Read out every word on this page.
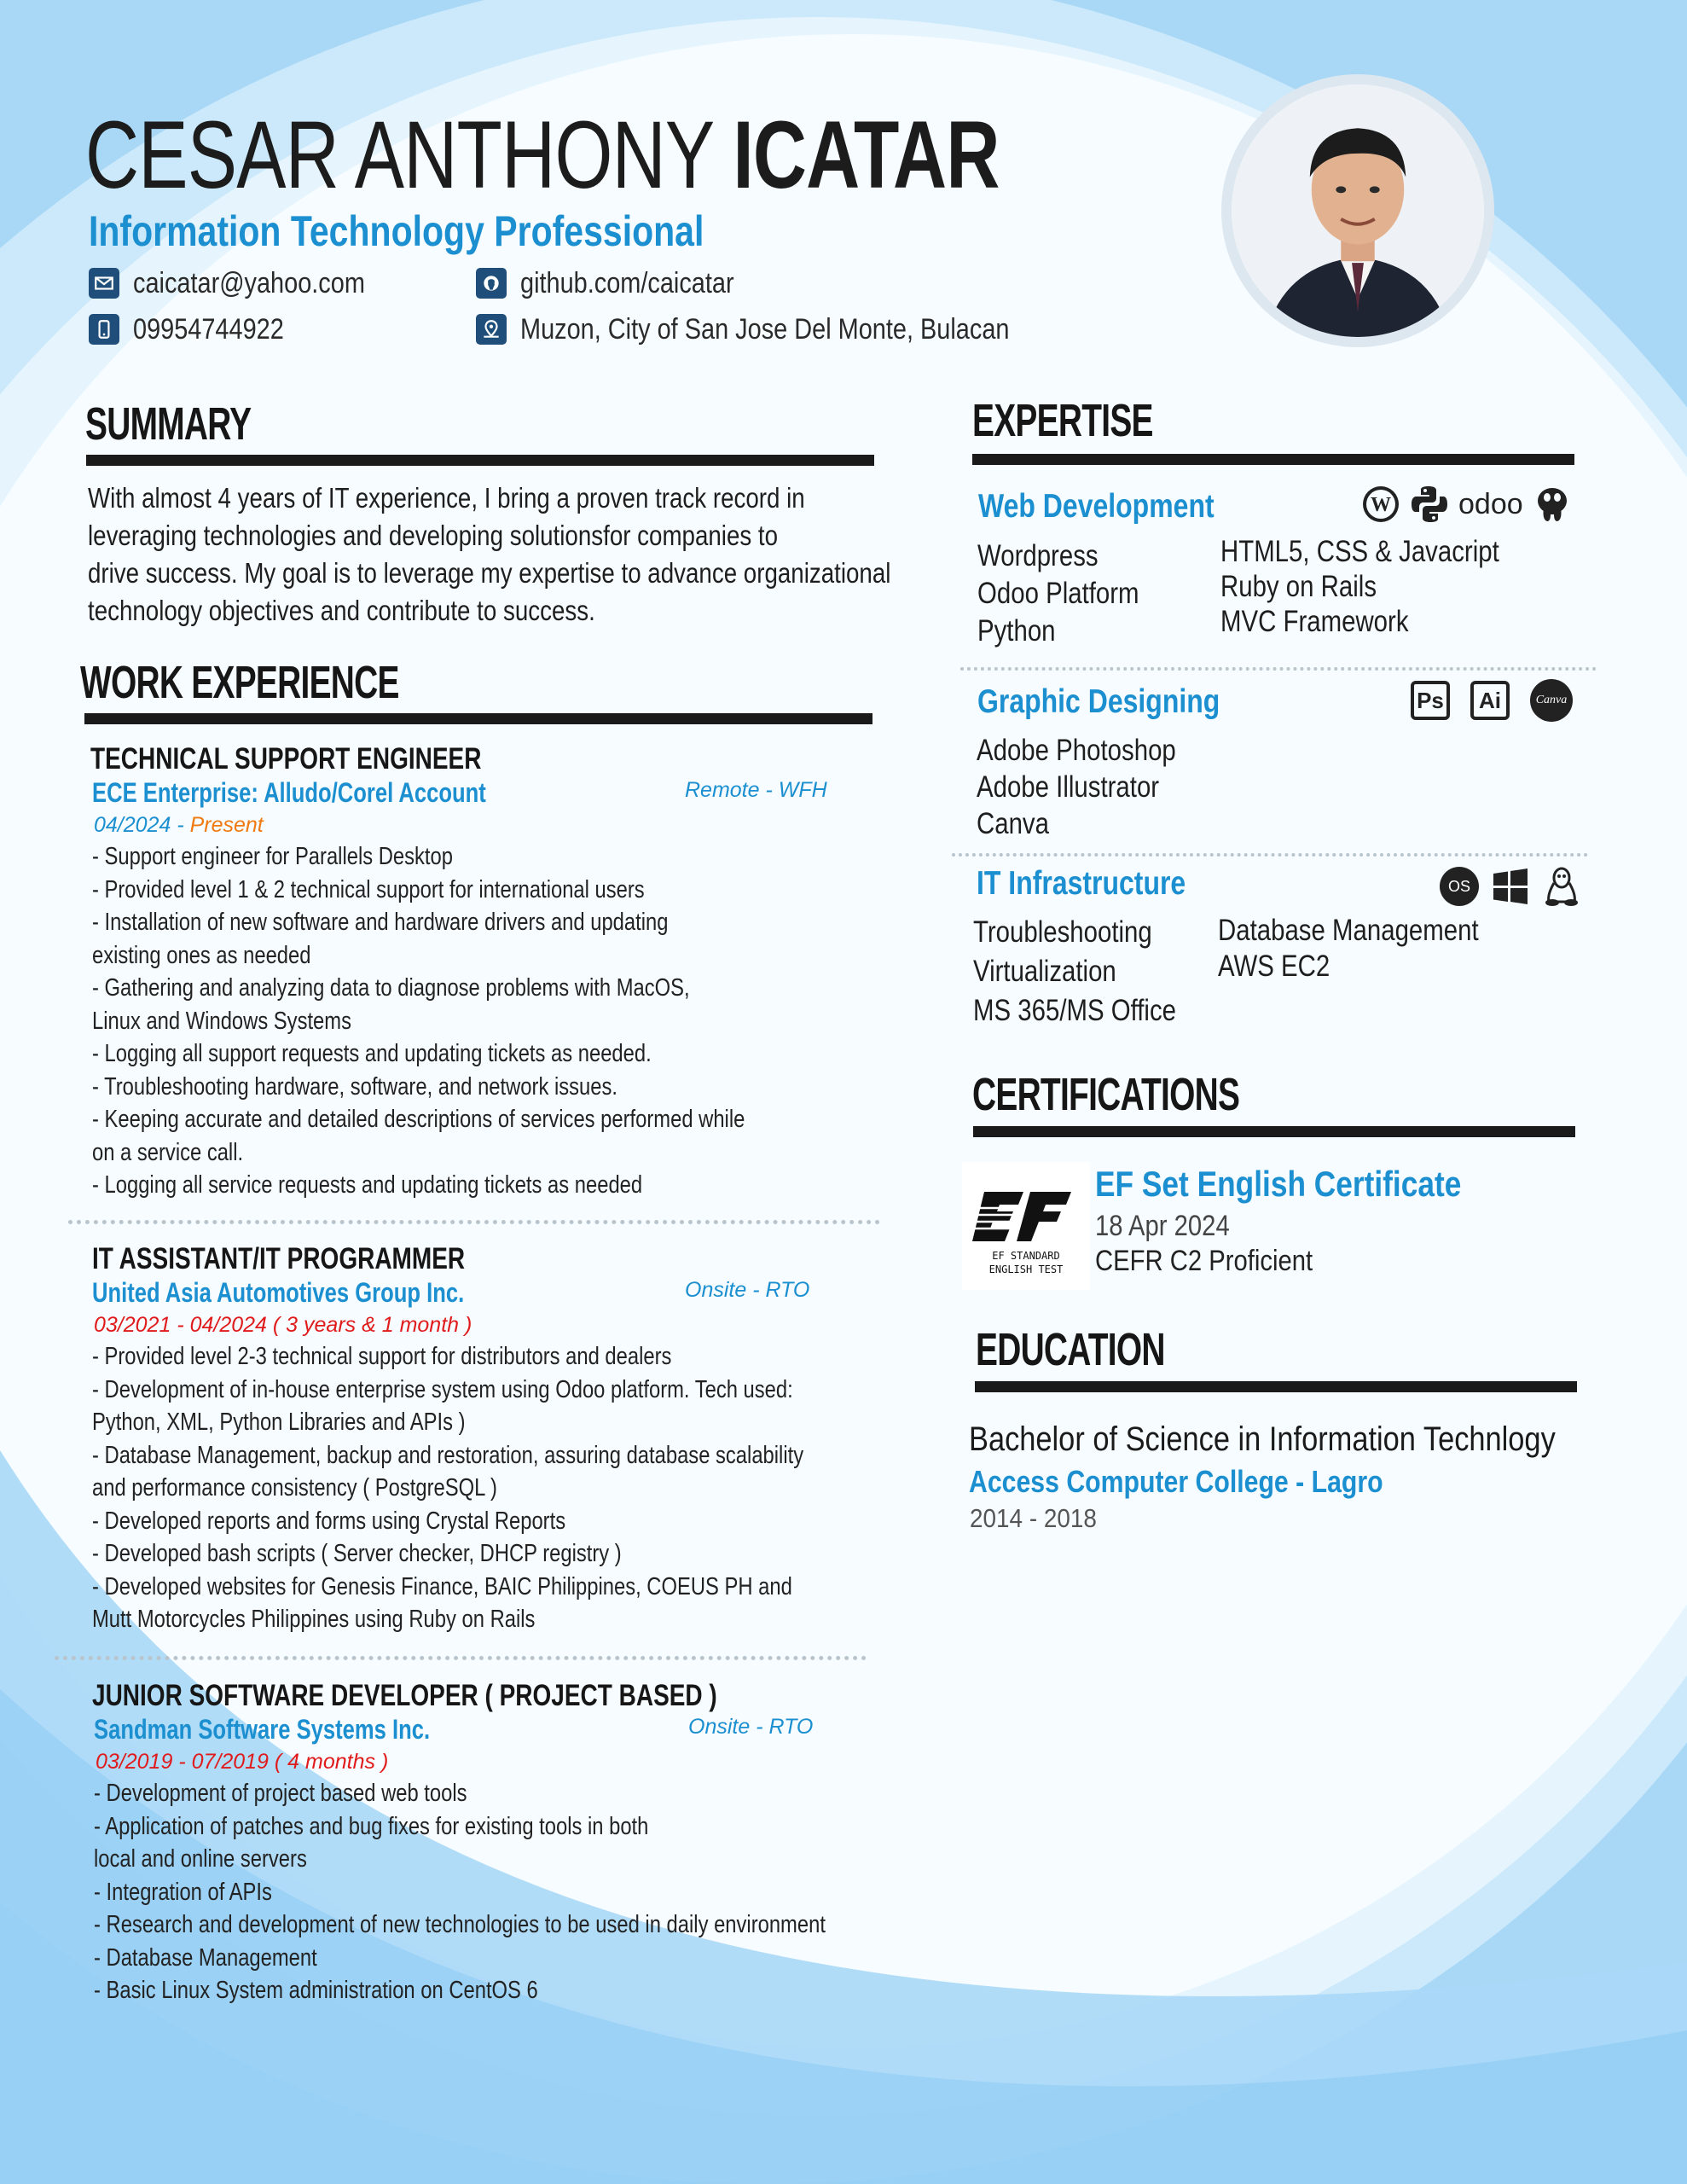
CESAR ANTHONY ICATAR
Information Technology Professional
caicatar@yahoo.com
09954744922
github.com/caicatar
Muzon, City of San Jose Del Monte, Bulacan
SUMMARY

With almost 4 years of IT experience, I bring a proven track record in

leveraging technologies and developing solutionsfor companies to

drive success. My goal is to leverage my expertise to advance organizational

technology objectives and contribute to success.

WORK EXPERIENCE
TECHNICAL SUPPORT ENGINEER
ECE Enterprise: Alludo/Corel Account	Remote - WFH
04/2024 - Present
- Support engineer for Parallels Desktop
- Provided level 1 & 2 technical support for international users
- Installation of new software and hardware drivers and updating
existing ones as needed
- Gathering and analyzing data to diagnose problems with MacOS,
Linux and Windows Systems
- Logging all support requests and updating tickets as needed.
- Troubleshooting hardware, software, and network issues.
- Keeping accurate and detailed descriptions of services performed while
on a service call.
- Logging all service requests and updating tickets as needed
IT ASSISTANT/IT PROGRAMMER
United Asia Automotives Group Inc.	Onsite - RTO
03/2021 - 04/2024 ( 3 years & 1 month )
- Provided level 2-3 technical support for distributors and dealers
- Development of in-house enterprise system using Odoo platform. Tech used:
Python, XML, Python Libraries and APIs )
- Database Management, backup and restoration, assuring database scalability
and performance consistency ( PostgreSQL )
- Developed reports and forms using Crystal Reports
- Developed bash scripts ( Server checker, DHCP registry )
- Developed websites for Genesis Finance, BAIC Philippines, COEUS PH and
Mutt Motorcycles Philippines using Ruby on Rails
JUNIOR SOFTWARE DEVELOPER ( PROJECT BASED )
Sandman Software Systems Inc.	Onsite - RTO
03/2019 - 07/2019 ( 4 months )
- Development of project based web tools
- Application of patches and bug fixes for existing tools in both
local and online servers
- Integration of APIs
- Research and development of new technologies to be used in daily environment
- Database Management
- Basic Linux System administration on CentOS 6
EXPERTISE
Web Development	W odoo
Wordpress
Odoo Platform
Python
HTML5, CSS & Javacript
Ruby on Rails
MVC Framework
Graphic Designing	Ps	Ai	Canva
Adobe Photoshop
Adobe Illustrator
Canva
IT Infrastructure	OS
Troubleshooting
Virtualization
MS 365/MS Office
Database Management
AWS EC2
CERTIFICATIONS
EF STANDARD
ENGLISH TEST
EF Set English Certificate
18 Apr 2024
CEFR C2 Proficient
EDUCATION
Bachelor of Science in Information Technlogy
Access Computer College - Lagro
2014 - 2018
